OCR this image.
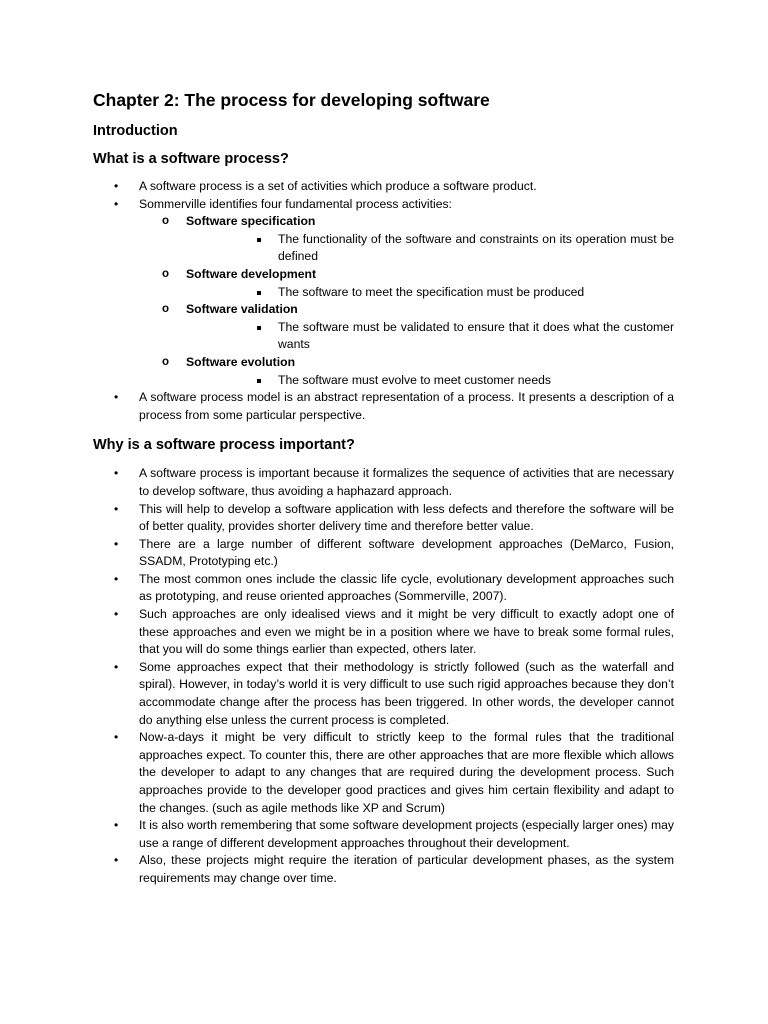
Chapter 2: The process for developing software
Introduction
What is a software process?
• A software process is a set of activities which produce a software product.
• Sommerville identifies four fundamental process activities:
o	Software specification
The functionality of the software and constraints on its operation must be defined
o	Software development
The software to meet the specification must be produced
o	Software validation
The software must be validated to ensure that it does what the customer wants
o	Software evolution
The software must evolve to meet customer needs
• A software process model is an abstract representation of a process. It presents a description of a process from some particular perspective.
Why is a software process important?
• A software process is important because it formalizes the sequence of activities that are necessary to develop software, thus avoiding a haphazard approach.
• This will help to develop a software application with less defects and therefore the software will be of better quality, provides shorter delivery time and therefore better value.
• There are a large number of different software development approaches (DeMarco, Fusion, SSADM, Prototyping etc.)
• The most common ones include the classic life cycle, evolutionary development approaches such as prototyping, and reuse oriented approaches (Sommerville, 2007).
• Such approaches are only idealised views and it might be very difficult to exactly adopt one of these approaches and even we might be in a position where we have to break some formal rules, that you will do some things earlier than expected, others later.
• Some approaches expect that their methodology is strictly followed (such as the waterfall and spiral). However, in today’s world it is very difficult to use such rigid approaches because they don’t accommodate change after the process has been triggered. In other words, the developer cannot do anything else unless the current process is completed.
• Now-a-days it might be very difficult to strictly keep to the formal rules that the traditional approaches expect. To counter this, there are other approaches that are more flexible which allows the developer to adapt to any changes that are required during the development process. Such approaches provide to the developer good practices and gives him certain flexibility and adapt to the changes. (such as agile methods like XP and Scrum)
• It is also worth remembering that some software development projects (especially larger ones) may use a range of different development approaches throughout their development.
• Also, these projects might require the iteration of particular development phases, as the system requirements may change over time.
